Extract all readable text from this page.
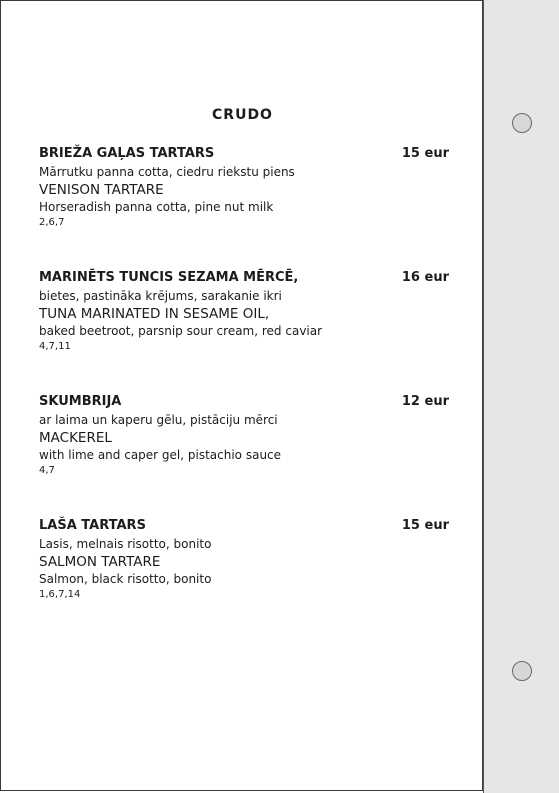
CRUDO
BRIEŽA GAĻAS TARTARS	15 eur
Mārrutku panna cotta, ciedru riekstu piens
VENISON TARTARE
Horseradish panna cotta, pine nut milk
2,6,7
MARINĒTS TUNCIS SEZAMA MĒRCĒ,	16 eur
bietes, pastināka krējums, sarakanie ikri
TUNA MARINATED IN SESAME OIL,
baked beetroot, parsnip sour cream, red caviar
4,7,11
SKUMBRIJA	12 eur
ar laima un kaperu gēlu, pistāciju mērci
MACKEREL
with lime and caper gel, pistachio sauce
4,7
LAŠA TARTARS	15 eur
Lasis, melnais risotto, bonito
SALMON TARTARE
Salmon, black risotto, bonito
1,6,7,14
